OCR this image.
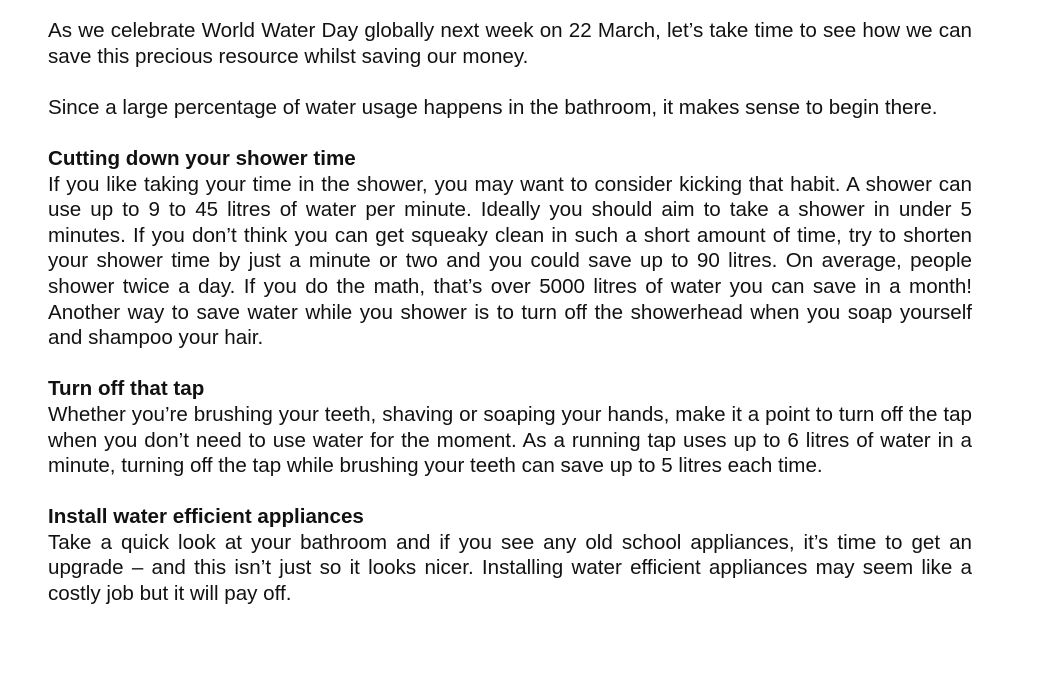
As we celebrate World Water Day globally next week on 22 March, let’s take time to see how we can save this precious resource whilst saving our money.

Since a large percentage of water usage happens in the bathroom, it makes sense to begin there.

Cutting down your shower time

If you like taking your time in the shower, you may want to consider kicking that habit. A shower can use up to 9 to 45 litres of water per minute. Ideally you should aim to take a shower in under 5 minutes. If you don’t think you can get squeaky clean in such a short amount of time, try to shorten your shower time by just a minute or two and you could save up to 90 litres. On average, people shower twice a day. If you do the math, that’s over 5000 litres of water you can save in a month! Another way to save water while you shower is to turn off the showerhead when you soap yourself and shampoo your hair.

Turn off that tap

Whether you’re brushing your teeth, shaving or soaping your hands, make it a point to turn off the tap when you don’t need to use water for the moment. As a running tap uses up to 6 litres of water in a minute, turning off the tap while brushing your teeth can save up to 5 litres each time.

Install water efficient appliances

Take a quick look at your bathroom and if you see any old school appliances, it’s time to get an upgrade – and this isn’t just so it looks nicer. Installing water efficient appliances may seem like a costly job but it will pay off.
